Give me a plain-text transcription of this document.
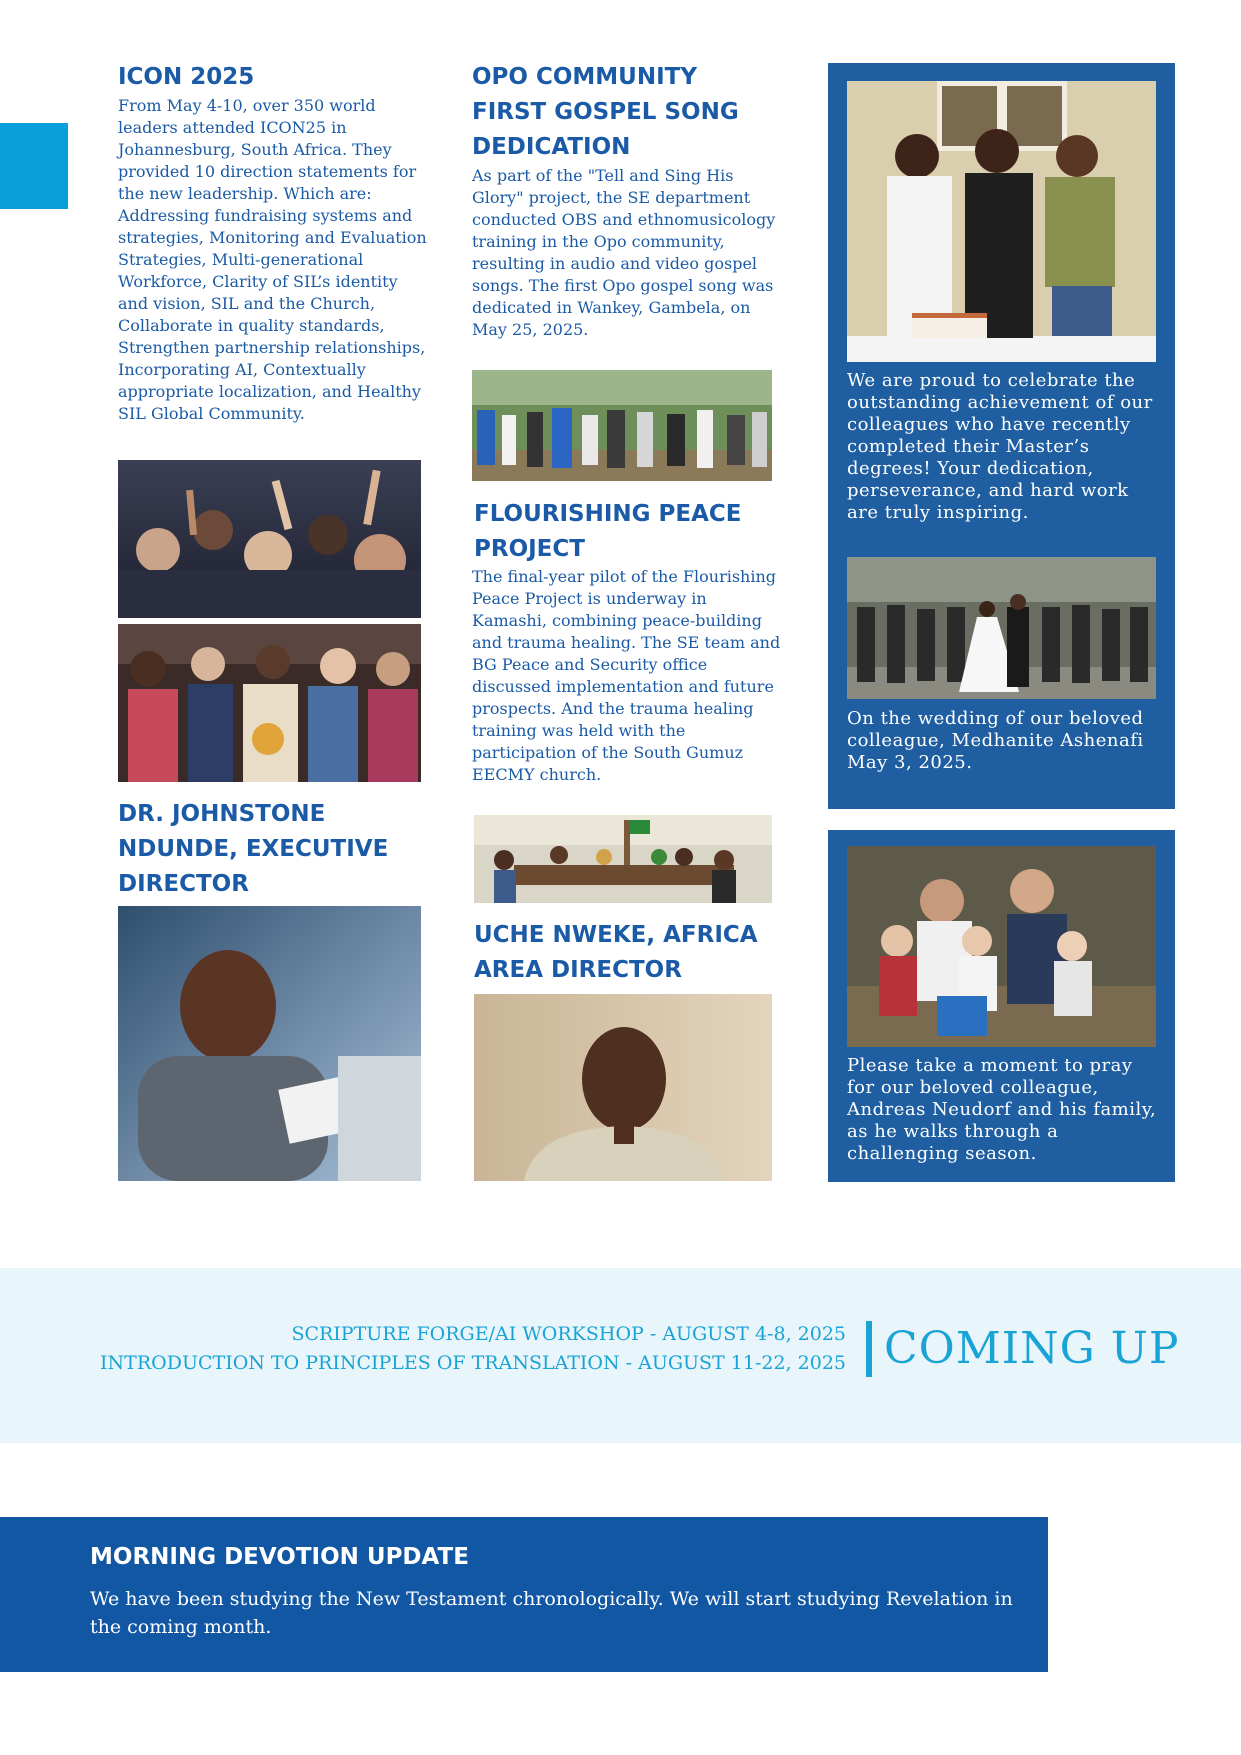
ICON 2025

From May 4-10, over 350 world leaders attended ICON25 in Johannesburg, South Africa. They provided 10 direction statements for the new leadership. Which are: Addressing fundraising systems and strategies, Monitoring and Evaluation Strategies, Multi-generational Workforce, Clarity of SIL’s identity and vision, SIL and the Church, Collaborate in quality standards, Strengthen partnership relationships, Incorporating AI, Contextually appropriate localization, and Healthy SIL Global Community.

DR. JOHNSTONE NDUNDE, EXECUTIVE DIRECTOR
OPO COMMUNITY FIRST GOSPEL SONG DEDICATION

As part of the "Tell and Sing His Glory" project, the SE department conducted OBS and ethnomusicology training in the Opo community, resulting in audio and video gospel songs. The first Opo gospel song was dedicated in Wankey, Gambela, on May 25, 2025.

FLOURISHING PEACE PROJECT

The final-year pilot of the Flourishing Peace Project is underway in Kamashi, combining peace-building and trauma healing. The SE team and BG Peace and Security office discussed implementation and future prospects. And the trauma healing training was held with the participation of the South Gumuz EECMY church.

UCHE NWEKE, AFRICA AREA DIRECTOR
We are proud to celebrate the outstanding achievement of our colleagues who have recently completed their Master’s degrees! Your dedication, perseverance, and hard work are truly inspiring.
On the wedding of our beloved colleague, Medhanite Ashenafi May 3, 2025.
Please take a moment to pray for our beloved colleague, Andreas Neudorf and his family, as he walks through a challenging season.
SCRIPTURE FORGE/AI WORKSHOP - AUGUST 4-8, 2025
INTRODUCTION TO PRINCIPLES OF TRANSLATION - AUGUST 11-22, 2025 COMING UP
MORNING DEVOTION UPDATE
We have been studying the New Testament chronologically. We will start studying Revelation in the coming month.
